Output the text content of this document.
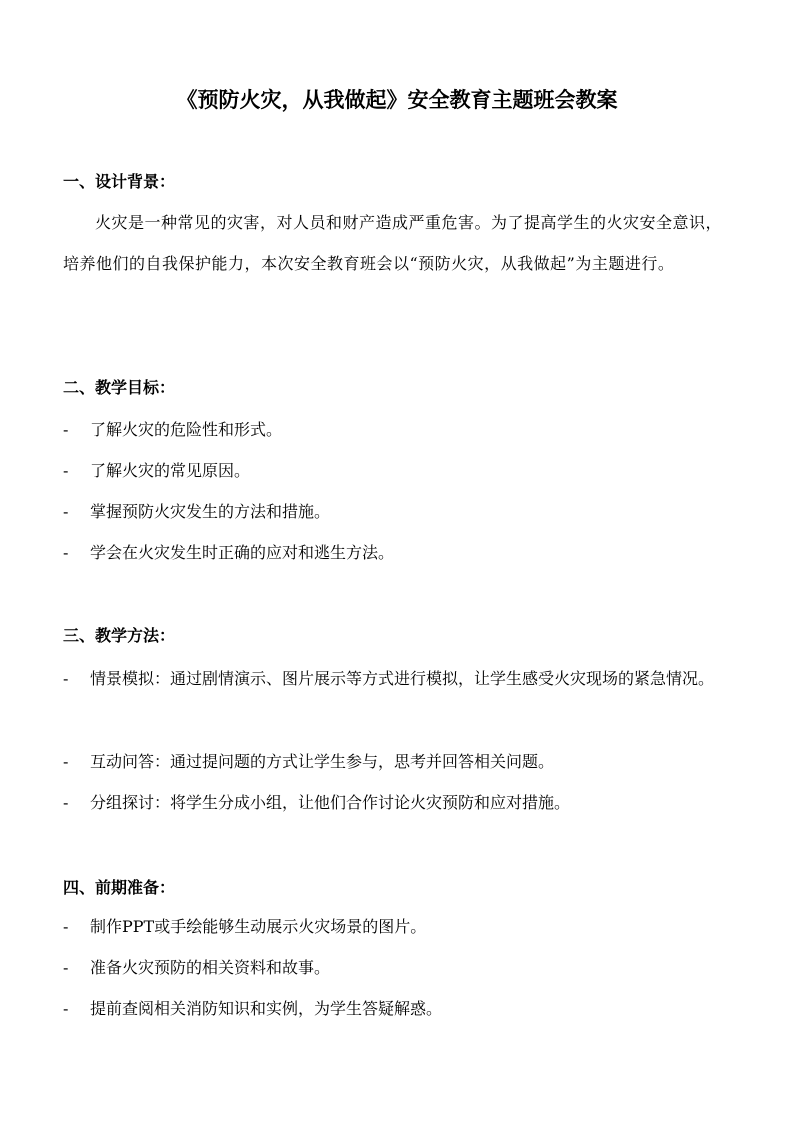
《预防火灾，从我做起》安全教育主题班会教案
一、设计背景：
火灾是一种常见的灾害，对人员和财产造成严重危害。为了提高学生的火灾安全意识，培养他们的自我保护能力，本次安全教育班会以“预防火灾，从我做起”为主题进行。
二、教学目标：
-	了解火灾的危险性和形式。
-	了解火灾的常见原因。
-	掌握预防火灾发生的方法和措施。
-	学会在火灾发生时正确的应对和逃生方法。
三、教学方法：
-	情景模拟：通过剧情演示、图片展示等方式进行模拟，让学生感受火灾现场的紧急情况。
-	互动问答：通过提问题的方式让学生参与，思考并回答相关问题。
-	分组探讨：将学生分成小组，让他们合作讨论火灾预防和应对措施。
四、前期准备：
-	制作PPT或手绘能够生动展示火灾场景的图片。
-	准备火灾预防的相关资料和故事。
-	提前查阅相关消防知识和实例，为学生答疑解惑。
